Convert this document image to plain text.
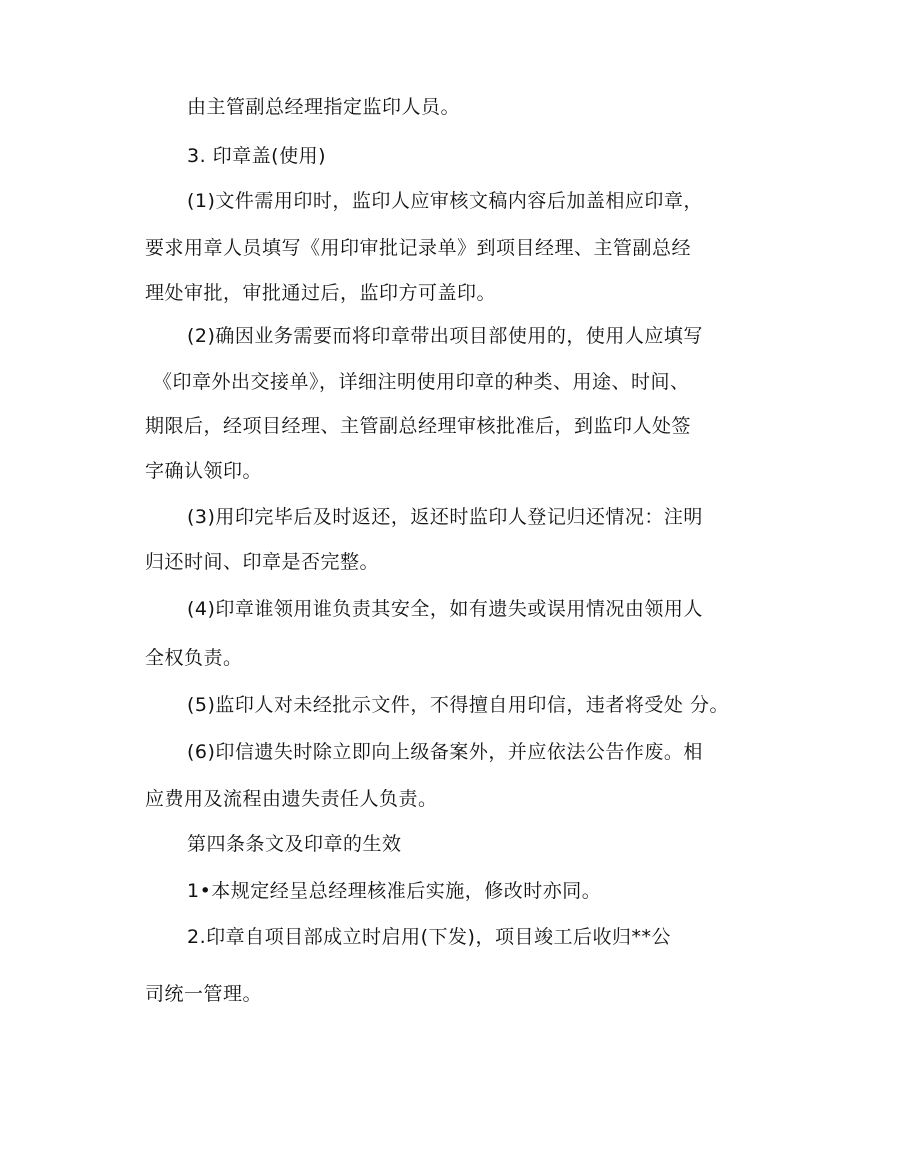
由主管副总经理指定监印人员。
3. 印章盖(使用)
(1)文件需用印时，监印人应审核文稿内容后加盖相应印章，
要求用章人员填写《用印审批记录单》到项目经理、主管副总经
理处审批，审批通过后，监印方可盖印。
(2)确因业务需要而将印章带出项目部使用的，使用人应填写
《印章外出交接单》，详细注明使用印章的种类、用途、时间、
期限后，经项目经理、主管副总经理审核批准后，到监印人处签
字确认领印。
(3)用印完毕后及时返还，返还时监印人登记归还情况：注明
归还时间、印章是否完整。
(4)印章谁领用谁负责其安全，如有遗失或误用情况由领用人
全权负责。
(5)监印人对未经批示文件，不得擅自用印信，违者将受处 分。
(6)印信遗失时除立即向上级备案外，并应依法公告作废。相
应费用及流程由遗失责任人负责。
第四条条文及印章的生效
1•本规定经呈总经理核准后实施，修改时亦同。
2.印章自项目部成立时启用(下发)，项目竣工后收归**公
司统一管理。
